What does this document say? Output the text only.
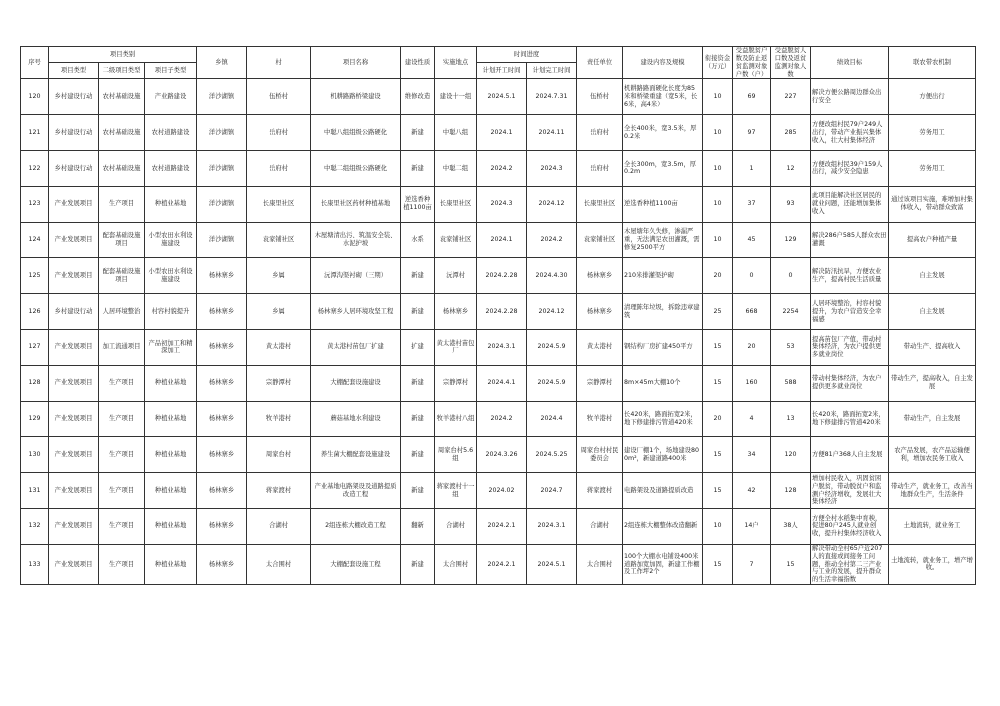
序号	项目类别			乡镇	村	项目名称	建设性质	实施地点	时间进度		责任单位	建设内容及规模	衔接资金（万元）	受益脱贫户数及防止返贫监测对象户数（户）	受益脱贫人口数及返贫监测对象人数	绩效目标	联农带农机制
	项目类型	二级项目类型	项目子类型						计划开工时间	计划完工时间							
120	乡村建设行动	农村基础设施	产业路建设	洋沙湖镇	伍桥村	机耕路路桥梁建设	维修改造	建设十一组	2024.5.1	2024.7.31	伍桥村	机耕路路面硬化长度为85米和桥梁重建（宽5米，长6米，高4米）	10	69	227	解决方便公路周边群众出行安全	方便出行
121	乡村建设行动	农村基础设施	农村道路建设	洋沙湖镇	岳府村	中聪八组组级公路硬化	新建	中聪八组	2024.1	2024.11	岳府村	全长400米，宽3.5米，厚0.2米	10	97	285	方便改组村民79户249人出行，带动产业振兴集体收入，壮大村集体经济	劳务用工
122	乡村建设行动	农村基础设施	农村道路建设	洋沙湖镇	岳府村	中聪二组组级公路硬化	新建	中聪二组	2024.2	2024.3	岳府村	全长300m，宽3.5m，厚0.2m	10	1	12	方便改组村民39户159人出行，减少安全隐患	劳务用工
123	产业发展项目	生产项目	种植业基地	洋沙湖镇	长康里社区	长康里社区药材种植基地	逆选香种植1100亩	长康里社区	2024.3	2024.12	长康里社区	逆选香种植1100亩	10	37	93	此项目能解决社区居民的就业问题，还能增加集体收入	通过该项目实施，难增加村集体收入，带动群众致富
124	产业发展项目	配套基础设施项目	小型农田水利设施建设	洋沙湖镇	袁家铺社区	木屋塘清出污、筑温安全装、水泥护坡	水系	袁家铺社区	2024.1	2024.2	袁家铺社区	木屋塘年久失修，渗漏严重，无法满足农田灌溉，需修复2500平方	10	45	129	解决286户585人群众农田灌溉	提高农户种植产量
125	产业发展项目	配套基础设施项目	小型农田水利设施建设	杨林寨乡	乡属	沅潭沟渠衬砌（三期）	新建	沅潭村	2024.2.28	2024.4.30	杨林寨乡	210米排灌渠护砌	20	0	0	解决防汛抗旱，方便农业生产，提高村民生活质量	自主发展
126	乡村建设行动	人居环境整治	村容村貌提升	杨林寨乡	乡属	杨林寨乡人居环境攻坚工程	新建	杨林寨乡	2024.2.28	2024.12	杨林寨乡	清理陈年垃圾，拆除违章建筑	25	668	2254	人居环境整治，村容村貌提升，为农户营造安全幸福感	自主发展
127	产业发展项目	加工流通项目	产品初加工和精深加工	杨林寨乡	黄太港村	黄太港村苗包厂扩建	扩建	黄太港村苗包厂	2024.3.1	2024.5.9	黄太港村	钢结构厂房扩建450平方	15	20	53	提高苗包厂产值，带动村集体经济，为农户提供更多就业岗位	带动生产、提高收入
128	产业发展项目	生产项目	种植业基地	杨林寨乡	宗静潭村	大棚配套设施建设	新建	宗静潭村	2024.4.1	2024.5.9	宗静潭村	8m×45m大棚10个	15	160	588	带动村集体经济，为农户提供更多就业岗位	带动生产，提高收入，自主发展
129	产业发展项目	生产项目	种植业基地	杨林寨乡	牧羊港村	蘑菇基地水利建设	新建	牧羊港村八组	2024.2	2024.4	牧羊港村	长420米，路面拓宽2米，地下修建排污管道420米	20	4	13	长420米，路面拓宽2米，地下修建排污管道420米	带动生产，自主发展
130	产业发展项目	生产项目	种植业基地	杨林寨乡	周家台村	养生菌大棚配套设施建设	新建	周家台村5.6组	2024.3.26	2024.5.25	周家台村村民委员会	建设厂棚1个，场地建设800m²，新建道路400米	15	34	120	方便81户368人自主发展	农产品发展，农产品运输便利，增加农民务工收入
131	产业发展项目	生产项目	种植业基地	杨林寨乡	蒋家渡村	产业基地电路架设及道路提质改造工程	新建	蒋家渡村十一组	2024.02	2024.7	蒋家渡村	电路架设及道路提质改造	15	42	128	增加村民收入，巩固贫困户脱贫，带动脱贫户和监测户经济增收，发展壮大集体经济	带动生产，就业务工，改善当地群众生产，生活条件
132	产业发展项目	生产项目	种植业基地	杨林寨乡	合湖村	2组连栋大棚改造工程	翻新	合湖村	2024.2.1	2024.3.1	合湖村	2组连栋大棚整体改造翻新	10	14户	38人	方便全村水稻集中育秧，促进80户245人就业创收，提升村集体经济收入	土地流转，就业务工
133	产业发展项目	生产项目	种植业基地	杨林寨乡	太合围村	大棚配套设施工程	新建	太合围村	2024.2.1	2024.5.1	太合围村	100个大棚水电铺设400米道路加宽加固，新建工作棚及工作坪2个	15	7	15	解决带动全村65户近207人的直接或间接务工问题，推动全村第二三产业与工业的发展，提升群众的生活幸福指数	土地流转，就业务工，增产增收。
